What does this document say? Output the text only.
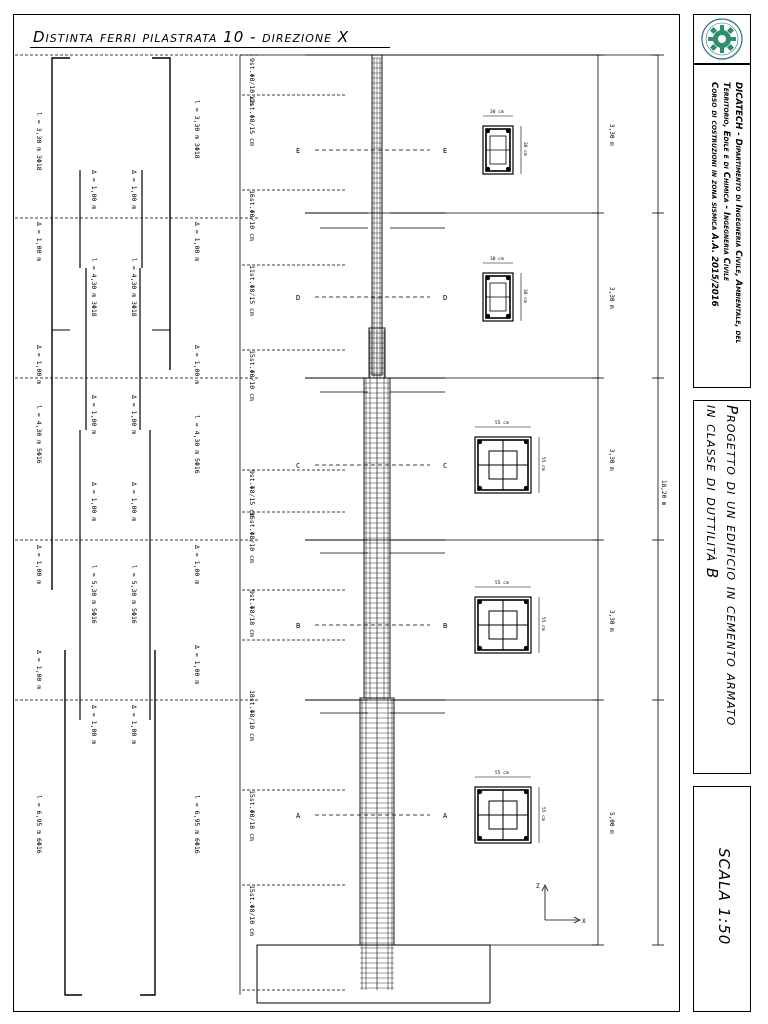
Distinta ferri pilastrata 10 - direzione X
DICATECH - Dipartimento di Ingegneria Civile, Ambientale, del
Territorio, Edile e di Chimica - Ingegneria Civile
Corso di costruzioni in zona sismica A.A. 2015/2016
Progetto di un edificio in cemento armato
in classe di duttilità B
SCALA 1:50
E	E
30 cm
30 cm
D	D
30 cm
30 cm
C	C
55 cm
55 cm
B	B
55 cm
55 cm
A	A
55 cm
55 cm
3,30 m
3,30 m
3,30 m
3,30 m
5,00 m
18,20 m
9st.Φ8/10 cm
12st.Φ8/15 cm
16st.Φ8/10 cm
11st.Φ8/15 cm
15st.Φ8/10 cm
9st.Φ8/15 cm
15st.Φ8/10 cm
9st.Φ8/18 cm
18st.Φ8/10 cm
15st.Φ8/18 cm
15st.Φ8/10 cm
l = 3,30 m 3Φ18
Δ = 1,00 m
Δ = 1,00 m
l = 4,30 m 5Φ16
Δ = 1,00 m
Δ = 1,00 m
l = 6,95 m 6Φ16
Δ = 1,00 m
l = 4,30 m 3Φ18
Δ = 1,00 m
Δ = 1,00 m
l = 5,30 m 5Φ16
Δ = 1,00 m
Δ = 1,00 m
l = 4,30 m 3Φ18
Δ = 1,00 m
Δ = 1,00 m
l = 5,30 m 5Φ16
Δ = 1,00 m
l = 3,30 m 3Φ18
Δ = 1,00 m
Δ = 1,00 m
l = 4,30 m 5Φ16
Δ = 1,00 m
Δ = 1,00 m
l = 6,95 m 6Φ16
Z
X
